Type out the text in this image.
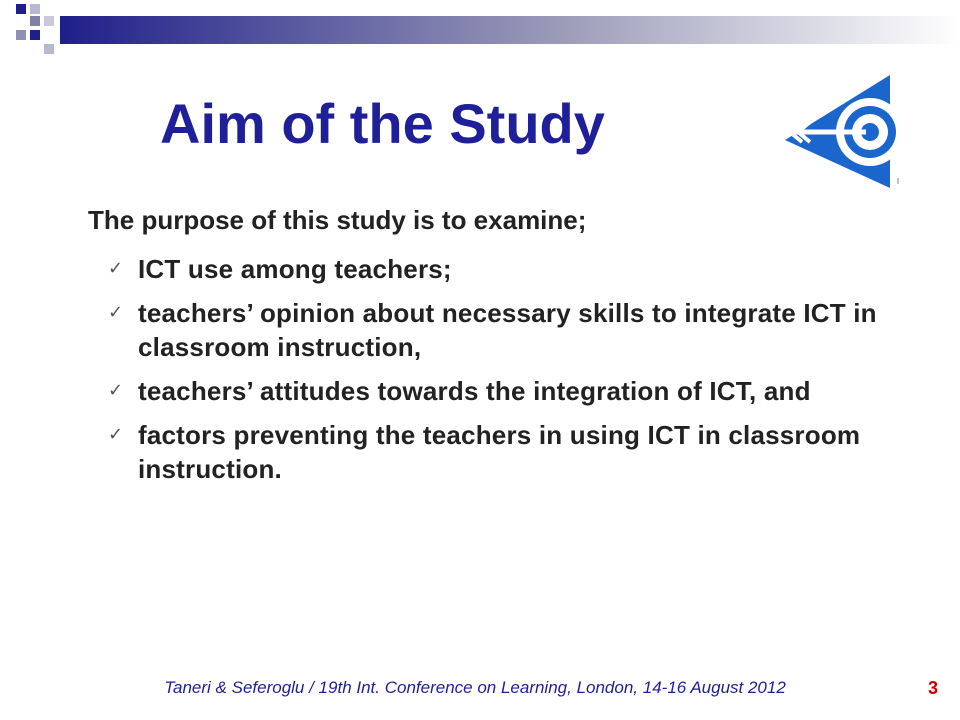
Aim of the Study

The purpose of this study is to examine;

✓ ICT use among teachers;
✓ teachers’ opinion about necessary skills to integrate ICT in classroom instruction,
✓ teachers’ attitudes towards the integration of ICT, and
✓ factors preventing the teachers in using ICT in classroom instruction.
Taneri & Seferoglu / 19th Int. Conference on Learning, London, 14-16 August 2012	3
